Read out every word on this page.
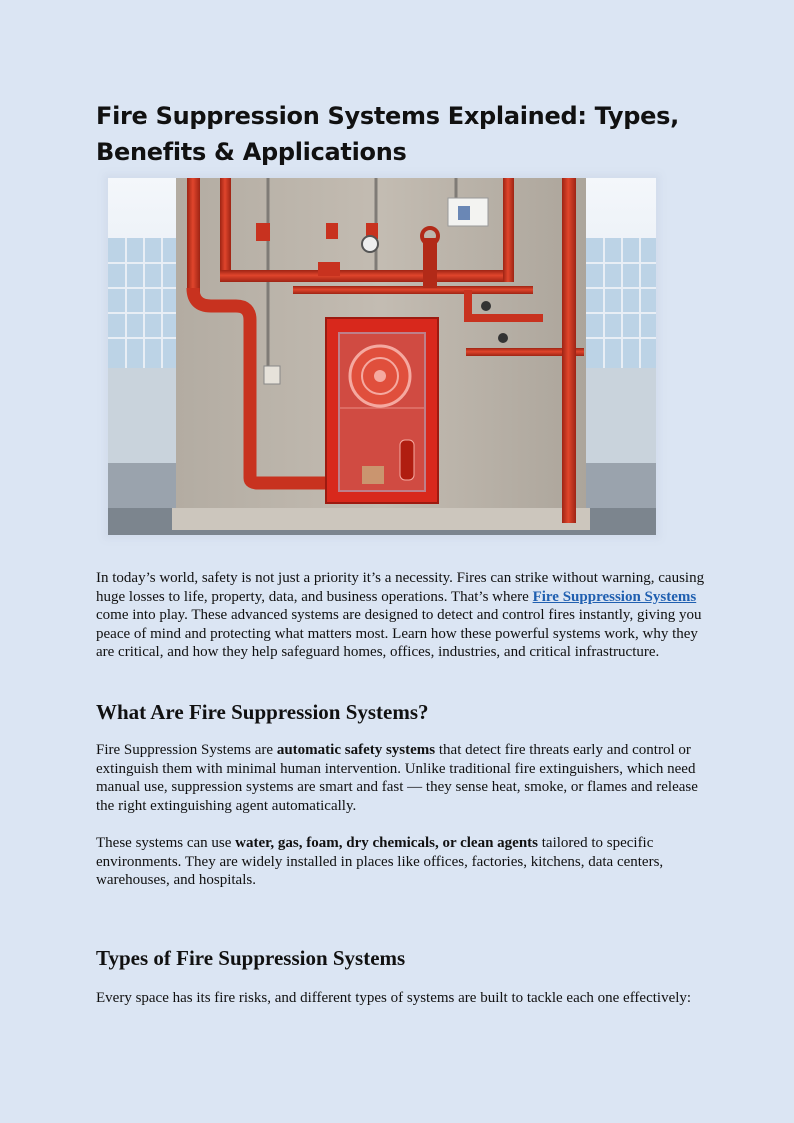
Fire Suppression Systems Explained: Types, Benefits & Applications

In today’s world, safety is not just a priority it’s a necessity. Fires can strike without warning, causing huge losses to life, property, data, and business operations. That’s where Fire Suppression Systems come into play. These advanced systems are designed to detect and control fires instantly, giving you peace of mind and protecting what matters most. Learn how these powerful systems work, why they are critical, and how they help safeguard homes, offices, industries, and critical infrastructure.

What Are Fire Suppression Systems?

Fire Suppression Systems are automatic safety systems that detect fire threats early and control or extinguish them with minimal human intervention. Unlike traditional fire extinguishers, which need manual use, suppression systems are smart and fast — they sense heat, smoke, or flames and release the right extinguishing agent automatically.

These systems can use water, gas, foam, dry chemicals, or clean agents tailored to specific environments. They are widely installed in places like offices, factories, kitchens, data centers, warehouses, and hospitals.

Types of Fire Suppression Systems

Every space has its fire risks, and different types of systems are built to tackle each one effectively:
